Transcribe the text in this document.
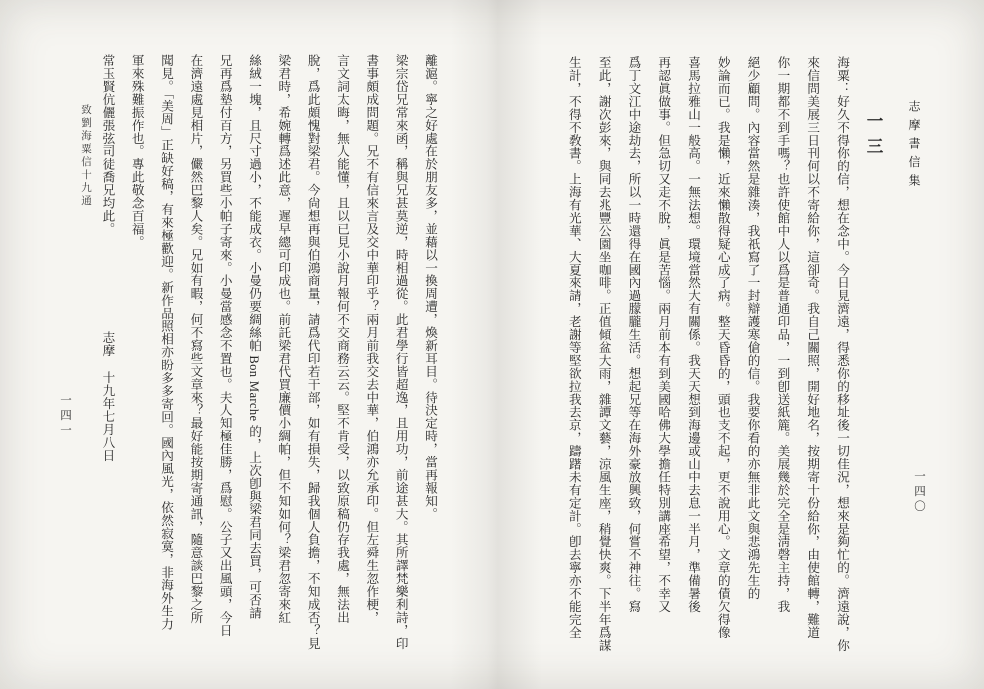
志摩書信集
一三
一四〇
海粟：好久不得你的信，想在念中。今日見濟遠，得悉你的移址後一切佳況，想來是夠忙的。濟遠說，你
來信問美展三日刊何以不寄給你，這卻奇。我自己關照，開好地名，按期寄十份給你，由使館轉，難道
你一期都不到手嗎？也許使館中人以爲是普通印品，一到卽送紙簏。美展幾於完全是淸磬主持，我
絕少顧問。內容當然是雜湊，我祇寫了一封辯護寒傖的信。我要你看的亦無非此文與悲鴻先生的
妙論而已。我是懶，近來懶散得疑心成了病。整天昏昏的，頭也支不起，更不說用心。文章的債欠得像
喜馬拉雅山一般高。一無法想。環境當然大有關係。我天天想到海邊或山中去息一半月，準備暑後
再認眞做事。但急切又走不脫，眞是苦惱。兩月前本有到美國哈佛大學擔任特別講座希望，不幸又
爲丁文江中途劫去，所以一時還得在國內過朦朧生活。想起兄等在海外豪放興致，何嘗不神往。寫
至此，謝次彭來，與同去兆豐公園坐咖啡。正值傾盆大雨，雜譚文藝，涼風生座，稍覺快爽。下半年爲謀
生計，不得不敎書。上海有光華、大夏來請，老謝等堅欲拉我去京，躊躇未有定計。卽去寧亦不能完全
致劉海粟信十九通
一四一	離滬。寧之好處在於朋友多，並藉以一換周遭，煥新耳目。待決定時，當再報知。
梁宗岱兄常來函，稱與兄甚莫逆，時相過從。此君學行皆超逸，且用功，前途甚大。其所譯梵樂利詩，印
書事頗成問題。兄不有信來言及交中華印乎？兩月前我交去中華，伯鴻亦允承印。但左舜生忽作梗，
言文詞太晦，無人能懂，且以已見小說月報何不交商務云云。堅不肯受，以致原稿仍存我處，無法出
脫，爲此頗愧對梁君。今尙想再與伯鴻商量，請爲代印若干部，如有損失，歸我個人負擔，不知成否？見
梁君時，希婉轉爲述此意，遲早總可印成也。前託梁君代買廉價小綢帕，但不知如何？梁君忽寄來紅
絲絨一塊，且尺寸過小，不能成衣。小曼仍要綢絲帕 Bon Marche 的，上次卽與梁君同去買，可否請
兄再爲墊付百方，另買些小帕子寄來。小曼當感念不置也。夫人知極佳勝，爲慰。公子又出風頭，今日
在濟遠處見相片，儼然巴黎人矣。兄如有暇，何不寫些文章來？最好能按期寄通訊，隨意談巴黎之所
聞見。「美周」正缺好稿，有來極歡迎。新作品照相亦盼多多寄回。國內風光，依然寂寞，非海外生力
軍來殊難振作也。專此敬念百福。
常玉賢伉儷張弦司徒喬兄均此。志摩十九年七月八日
